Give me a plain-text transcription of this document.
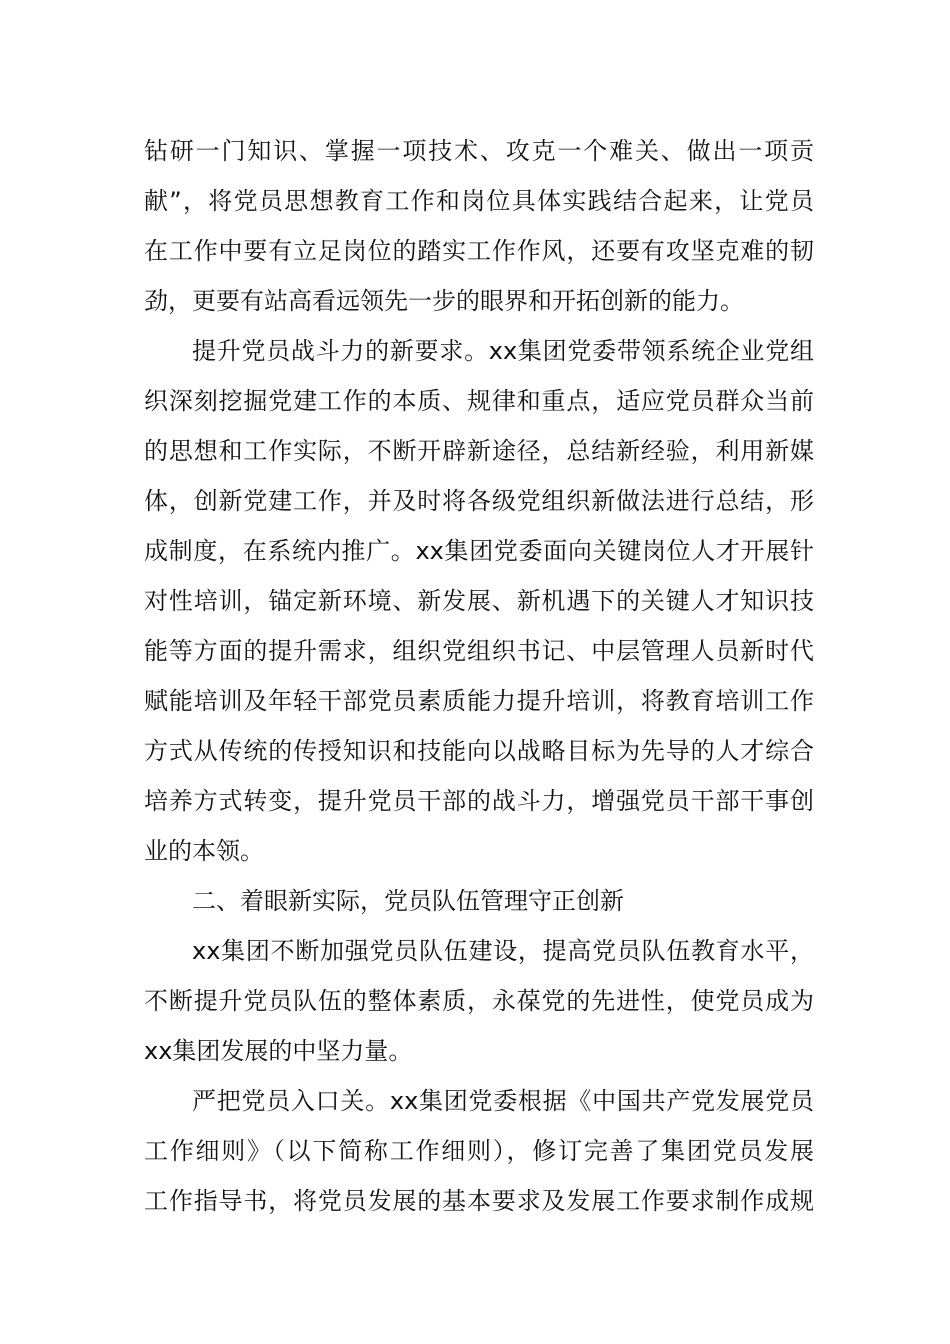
钻研一门知识、掌握一项技术、攻克一个难关、做出一项贡
献”，将党员思想教育工作和岗位具体实践结合起来，让党员
在工作中要有立足岗位的踏实工作作风，还要有攻坚克难的韧
劲，更要有站高看远领先一步的眼界和开拓创新的能力。
提升党员战斗力的新要求。xx集团党委带领系统企业党组
织深刻挖掘党建工作的本质、规律和重点，适应党员群众当前
的思想和工作实际，不断开辟新途径，总结新经验，利用新媒
体，创新党建工作，并及时将各级党组织新做法进行总结，形
成制度，在系统内推广。xx集团党委面向关键岗位人才开展针
对性培训，锚定新环境、新发展、新机遇下的关键人才知识技
能等方面的提升需求，组织党组织书记、中层管理人员新时代
赋能培训及年轻干部党员素质能力提升培训，将教育培训工作
方式从传统的传授知识和技能向以战略目标为先导的人才综合
培养方式转变，提升党员干部的战斗力，增强党员干部干事创
业的本领。
二、着眼新实际，党员队伍管理守正创新
xx集团不断加强党员队伍建设，提高党员队伍教育水平，
不断提升党员队伍的整体素质，永葆党的先进性，使党员成为
xx集团发展的中坚力量。
严把党员入口关。xx集团党委根据《中国共产党发展党员
工作细则》（以下简称工作细则），修订完善了集团党员发展
工作指导书，将党员发展的基本要求及发展工作要求制作成规
